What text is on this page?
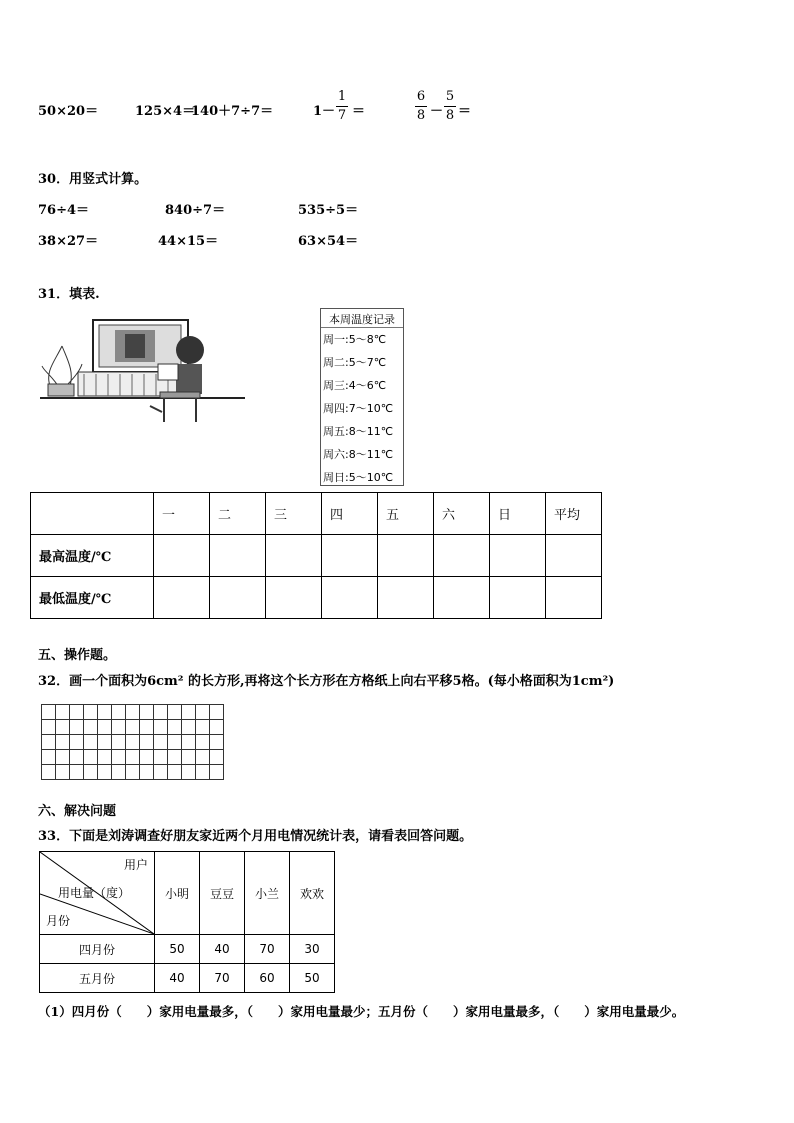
50×20＝	125×4＝
140＋7÷7＝	1－
1
7 ＝
6
8 －
5
8 ＝
30．用竖式计算。
76÷4＝	840÷7＝	535÷5＝
38×27＝	44×15＝	63×54＝
31．填表.
本周温度记录
周一:5～8℃
周二:5～7℃
周三:4～6℃
周四:7～10℃
周五:8～11℃
周六:8～11℃
周日:5～10℃
	一	二	三	四	五	六	日	平均
最高温度/℃								
最低温度/℃								
五、操作题。
32．画一个面积为6cm² 的长方形,再将这个长方形在方格纸上向右平移5格。(每小格面积为1cm²)

六、解决问题
33．下面是刘涛调查好朋友家近两个月用电情况统计表，请看表回答问题。
用户
用电量（度）
月份	小明	豆豆	小兰	欢欢
四月份	50	40	70	30
五月份	40	70	60	50
（1）四月份（　　）家用电量最多，（　　）家用电量最少；五月份（　　）家用电量最多，（　　）家用电量最少。
